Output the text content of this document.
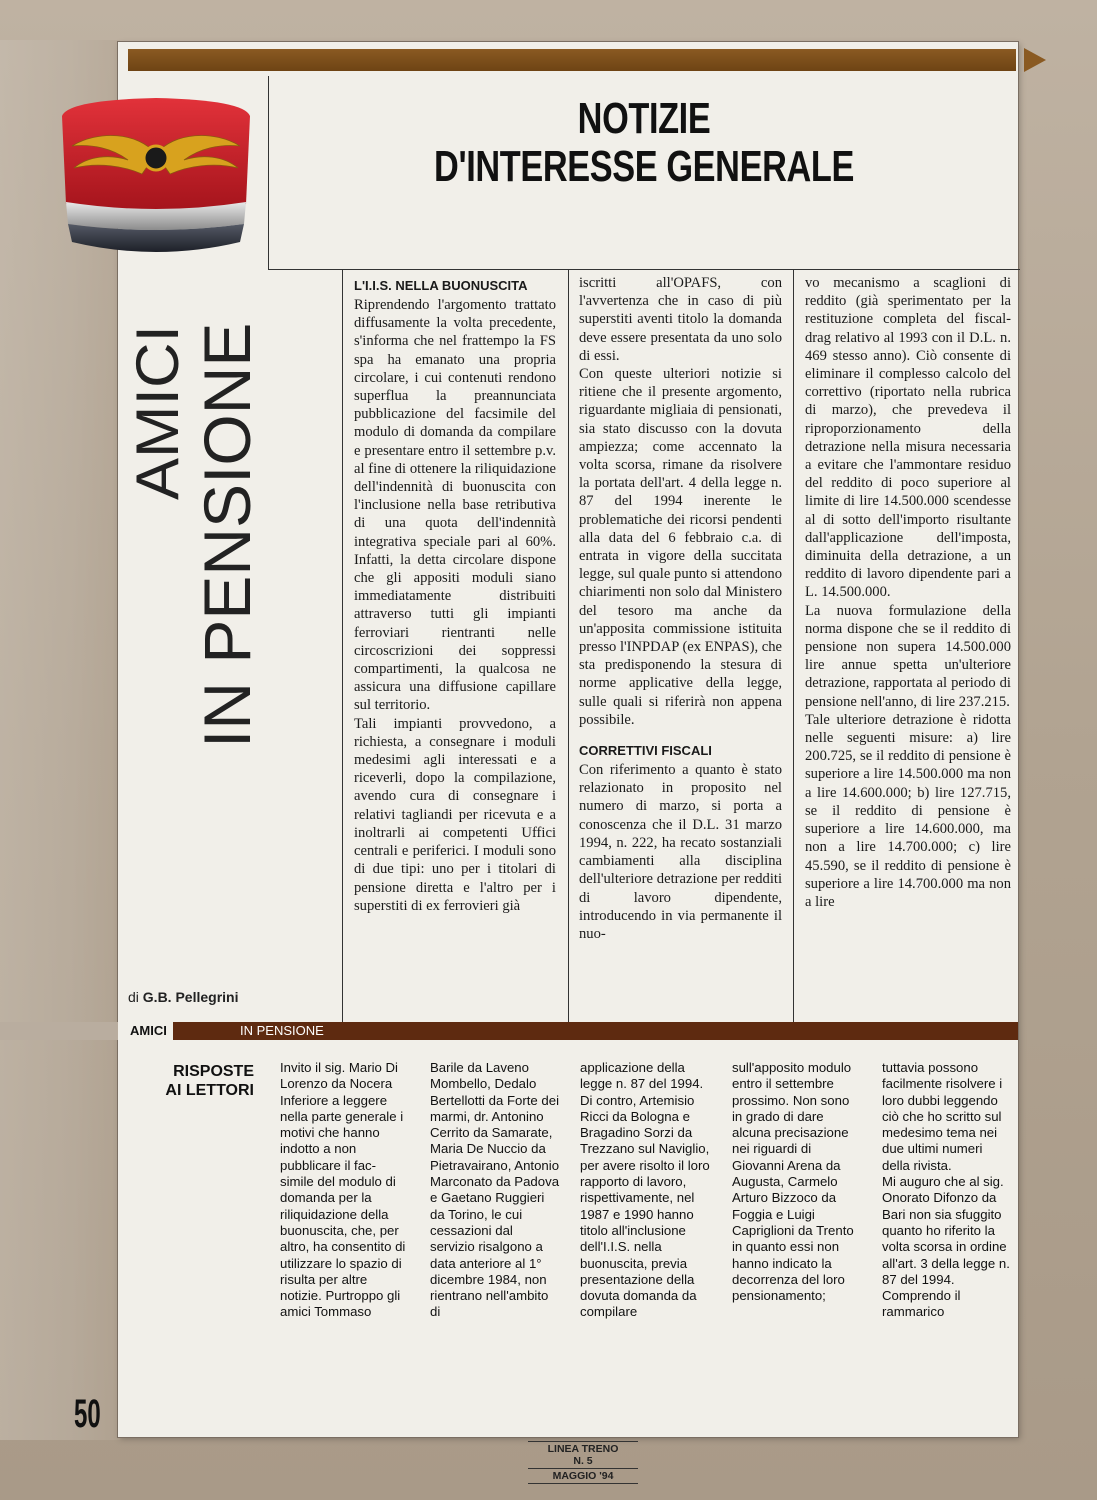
NOTIZIE
D'INTERESSE GENERALE
AMICI IN PENSIONE
di G.B. Pellegrini
L'I.I.S. NELLA BUONUSCITA

Riprendendo l'argomento trattato diffusamente la volta precedente, s'informa che nel frattempo la FS spa ha emanato una propria circolare, i cui contenuti rendono superflua la preannunciata pubblicazione del facsimile del modulo di domanda da compilare e presentare entro il settembre p.v. al fine di ottenere la riliquidazione dell'indennità di buonuscita con l'inclusione nella base retributiva di una quota dell'indennità integrativa speciale pari al 60%. Infatti, la detta circolare dispone che gli appositi moduli siano immediatamente distribuiti attraverso tutti gli impianti ferroviari rientranti nelle circoscrizioni dei soppressi compartimenti, la qualcosa ne assicura una diffusione capillare sul territorio.

Tali impianti provvedono, a richiesta, a consegnare i moduli medesimi agli interessati e a riceverli, dopo la compilazione, avendo cura di consegnare i relativi tagliandi per ricevuta e a inoltrarli ai competenti Uffici centrali e periferici. I moduli sono di due tipi: uno per i titolari di pensione diretta e l'altro per i superstiti di ex ferrovieri già

iscritti all'OPAFS, con l'avvertenza che in caso di più superstiti aventi titolo la domanda deve essere presentata da uno solo di essi.

Con queste ulteriori notizie si ritiene che il presente argomento, riguardante migliaia di pensionati, sia stato discusso con la dovuta ampiezza; come accennato la volta scorsa, rimane da risolvere la portata dell'art. 4 della legge n. 87 del 1994 inerente le problematiche dei ricorsi pendenti alla data del 6 febbraio c.a. di entrata in vigore della succitata legge, sul quale punto si attendono chiarimenti non solo dal Ministero del tesoro ma anche da un'apposita commissione istituita presso l'INPDAP (ex ENPAS), che sta predisponendo la stesura di norme applicative della legge, sulle quali si riferirà non appena possibile.

CORRETTIVI FISCALI

Con riferimento a quanto è stato relazionato in proposito nel numero di marzo, si porta a conoscenza che il D.L. 31 marzo 1994, n. 222, ha recato sostanziali cambiamenti alla disciplina dell'ulteriore detrazione per redditi di lavoro dipendente, introducendo in via permanente il nuo-

vo mecanismo a scaglioni di reddito (già sperimentato per la restituzione completa del fiscal-drag relativo al 1993 con il D.L. n. 469 stesso anno). Ciò consente di eliminare il complesso calcolo del correttivo (riportato nella rubrica di marzo), che prevedeva il riproporzionamento della detrazione nella misura necessaria a evitare che l'ammontare residuo del reddito di poco superiore al limite di lire 14.500.000 scendesse al di sotto dell'importo risultante dall'applicazione dell'imposta, diminuita della detrazione, a un reddito di lavoro dipendente pari a L. 14.500.000.

La nuova formulazione della norma dispone che se il reddito di pensione non supera 14.500.000 lire annue spetta un'ulteriore detrazione, rapportata al periodo di pensione nell'anno, di lire 237.215.

Tale ulteriore detrazione è ridotta nelle seguenti misure: a) lire 200.725, se il reddito di pensione è superiore a lire 14.500.000 ma non a lire 14.600.000; b) lire 127.715, se il reddito di pensione è superiore a lire 14.600.000, ma non a lire 14.700.000; c) lire 45.590, se il reddito di pensione è superiore a lire 14.700.000 ma non a lire

AMICI	IN PENSIONE
RISPOSTE
AI LETTORI

Invito il sig. Mario Di Lorenzo da Nocera Inferiore a leggere nella parte generale i motivi che hanno indotto a non pubblicare il fac-simile del modulo di domanda per la riliquidazione della buonuscita, che, per altro, ha consentito di utilizzare lo spazio di risulta per altre notizie. Purtroppo gli amici Tommaso

Barile da Laveno Mombello, Dedalo Bertellotti da Forte dei marmi, dr. Antonino Cerrito da Samarate, Maria De Nuccio da Pietravairano, Antonio Marconato da Padova e Gaetano Ruggieri da Torino, le cui cessazioni dal servizio risalgono a data anteriore al 1° dicembre 1984, non rientrano nell'ambito di

applicazione della legge n. 87 del 1994.

Di contro, Artemisio Ricci da Bologna e Bragadino Sorzi da Trezzano sul Naviglio, per avere risolto il loro rapporto di lavoro, rispettivamente, nel 1987 e 1990 hanno titolo all'inclusione dell'I.I.S. nella buonuscita, previa presentazione della dovuta domanda da compilare

sull'apposito modulo entro il settembre prossimo. Non sono in grado di dare alcuna precisazione nei riguardi di Giovanni Arena da Augusta, Carmelo Arturo Bizzoco da Foggia e Luigi Capriglioni da Trento in quanto essi non hanno indicato la decorrenza del loro pensionamento;

tuttavia possono facilmente risolvere i loro dubbi leggendo ciò che ho scritto sul medesimo tema nei due ultimi numeri della rivista.

Mi auguro che al sig. Onorato Difonzo da Bari non sia sfuggito quanto ho riferito la volta scorsa in ordine all'art. 3 della legge n. 87 del 1994. Comprendo il rammarico

50
LINEA TRENO
N. 5
MAGGIO '94
